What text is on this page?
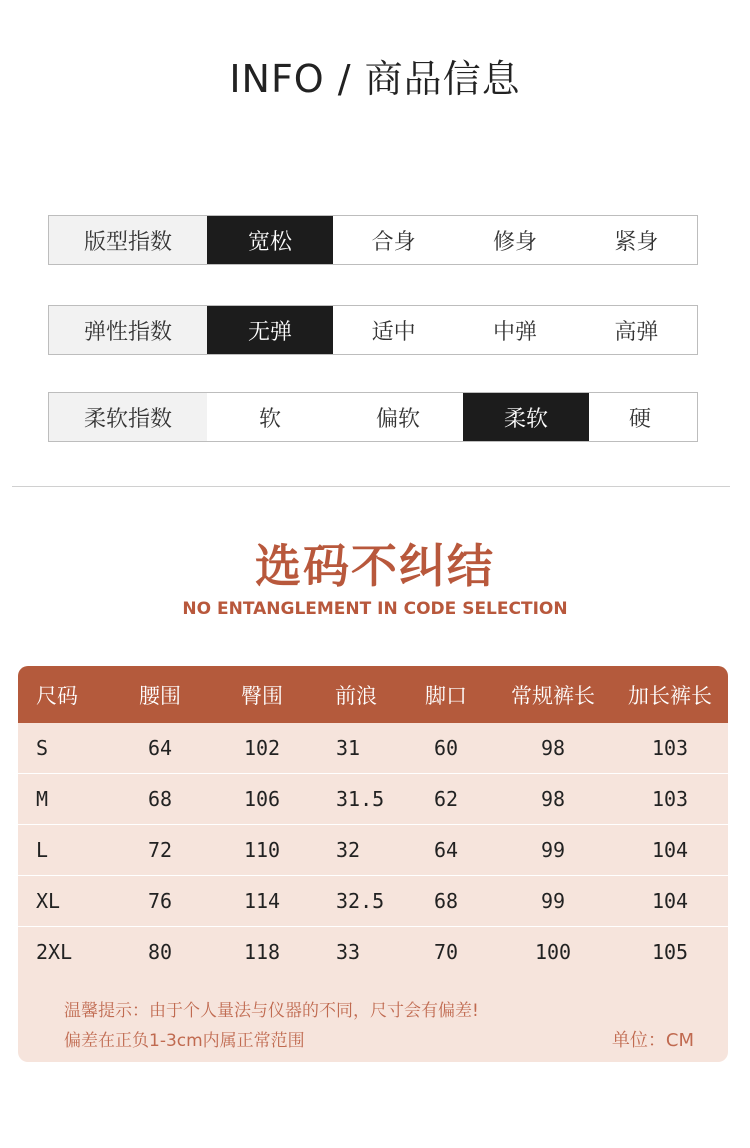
INFO / 商品信息
版型指数	宽松	合身	修身	紧身
弹性指数	无弹	适中	中弹	高弹
柔软指数	软	偏软	柔软	硬
选码不纠结
NO ENTANGLEMENT IN CODE SELECTION
尺码	腰围	臀围	前浪	脚口	常规裤长	加长裤长
S	64	102	31	60	98	103
M	68	106	31.5	62	98	103
L	72	110	32	64	99	104
XL	76	114	32.5	68	99	104
2XL	80	118	33	70	100	105
温馨提示：由于个人量法与仪器的不同，尺寸会有偏差!
偏差在正负1-3cm内属正常范围	单位：CM
